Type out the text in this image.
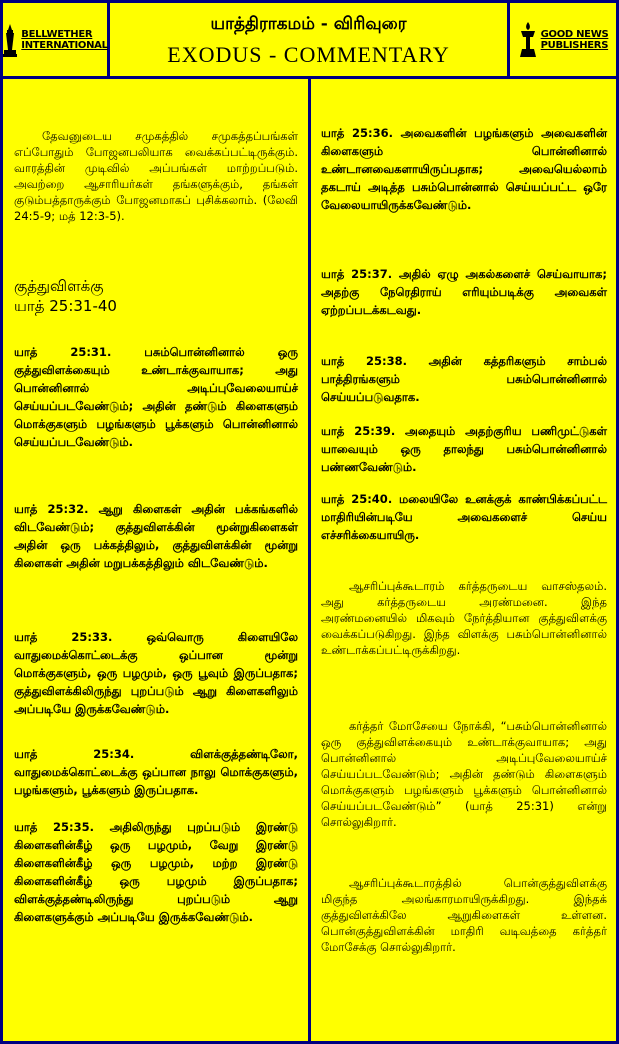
BELLWETHER
INTERNATIONAL
யாத்திராகமம் - விரிவுரை
EXODUS - COMMENTARY
GOOD NEWS
PUBLISHERS

தேவனுடைய சமுகத்தில் சமுகத்தப்பங்கள் எப்போதும் போஜனபலியாக வைக்கப்பட்டிருக்கும். வாரத்தின் முடிவில் அப்பங்கள் மாற்றப்படும். அவற்றை ஆசாரியர்கள் தங்களுக்கும், தங்கள் குடும்பத்தாருக்கும் போஜனமாகப் புசிக்கலாம். (லேவி 24:5-9; மத் 12:3-5).

குத்துவிளக்கு
யாத் 25:31-40

யாத் 25:31. பசும்பொன்னினால் ஒரு குத்துவிளக்கையும் உண்டாக்குவாயாக; அது பொன்னினால் அடிப்புவேலையாய்ச் செய்யப்படவேண்டும்; அதின் தண்டும் கிளைகளும் மொக்குகளும் பழங்களும் பூக்களும் பொன்னினால் செய்யப்படவேண்டும்.

யாத் 25:32. ஆறு கிளைகள் அதின் பக்கங்களில் விடவேண்டும்; குத்துவிளக்கின் மூன்றுகிளைகள் அதின் ஒரு பக்கத்திலும், குத்துவிளக்கின் மூன்று கிளைகள் அதின் மறுபக்கத்திலும் விடவேண்டும்.

யாத் 25:33. ஒவ்வொரு கிளையிலே வாதுமைக்கொட்டைக்கு ஒப்பான மூன்று மொக்குகளும், ஒரு பழமும், ஒரு பூவும் இருப்பதாக; குத்துவிளக்கிலிருந்து புறப்படும் ஆறு கிளைகளிலும் அப்படியே இருக்கவேண்டும்.

யாத் 25:34. விளக்குத்தண்டிலோ, வாதுமைக்கொட்டைக்கு ஒப்பான நாலு மொக்குகளும், பழங்களும், பூக்களும் இருப்பதாக.

யாத் 25:35. அதிலிருந்து புறப்படும் இரண்டு கிளைகளின்கீழ் ஒரு பழமும், வேறு இரண்டு கிளைகளின்கீழ் ஒரு பழமும், மற்ற இரண்டு கிளைகளின்கீழ் ஒரு பழமும் இருப்பதாக; விளக்குத்தண்டிலிருந்து புறப்படும் ஆறு கிளைகளுக்கும் அப்படியே இருக்கவேண்டும்.

யாத் 25:36. அவைகளின் பழங்களும் அவைகளின் கிளைகளும் பொன்னினால் உண்டானவைகளாயிருப்பதாக; அவையெல்லாம் தகடாய் அடித்த பசும்பொன்னால் செய்யப்பட்ட ஒரே வேலையாயிருக்கவேண்டும்.

யாத் 25:37. அதில் ஏழு அகல்களைச் செய்வாயாக; அதற்கு நேரெதிராய் எரியும்படிக்கு அவைகள் ஏற்றப்படக்கடவது.

யாத் 25:38. அதின் கத்தரிகளும் சாம்பல் பாத்திரங்களும் பசும்பொன்னினால் செய்யப்படுவதாக.

யாத் 25:39. அதையும் அதற்குரிய பணிமுட்டுகள் யாவையும் ஒரு தாலந்து பசும்பொன்னினால் பண்ணவேண்டும்.

யாத் 25:40. மலையிலே உனக்குக் காண்பிக்கப்பட்ட மாதிரியின்படியே அவைகளைச் செய்ய எச்சரிக்கையாயிரு.

ஆசரிப்புக்கூடாரம் கர்த்தருடைய வாசஸ்தலம். அது கர்த்தருடைய அரண்மனை. இந்த அரண்மனையில் மிகவும் நேர்த்தியான குத்துவிளக்கு வைக்கப்படுகிறது. இந்த விளக்கு பசும்பொன்னினால் உண்டாக்கப்பட்டிருக்கிறது.

கர்த்தர் மோசேயை நோக்கி, “பசும்பொன்னினால் ஒரு குத்துவிளக்கையும் உண்டாக்குவாயாக; அது பொன்னினால் அடிப்புவேலையாய்ச் செய்யப்படவேண்டும்; அதின் தண்டும் கிளைகளும் மொக்குகளும் பழங்களும் பூக்களும் பொன்னினால் செய்யப்படவேண்டும்” (யாத் 25:31) என்று சொல்லுகிறார்.

ஆசரிப்புக்கூடாரத்தில் பொன்குத்துவிளக்கு மிகுந்த அலங்காரமாயிருக்கிறது. இந்தக் குத்துவிளக்கிலே ஆறுகிளைகள் உள்ளன. பொன்குத்துவிளக்கின் மாதிரி வடிவத்தை கர்த்தர் மோசேக்கு சொல்லுகிறார்.
